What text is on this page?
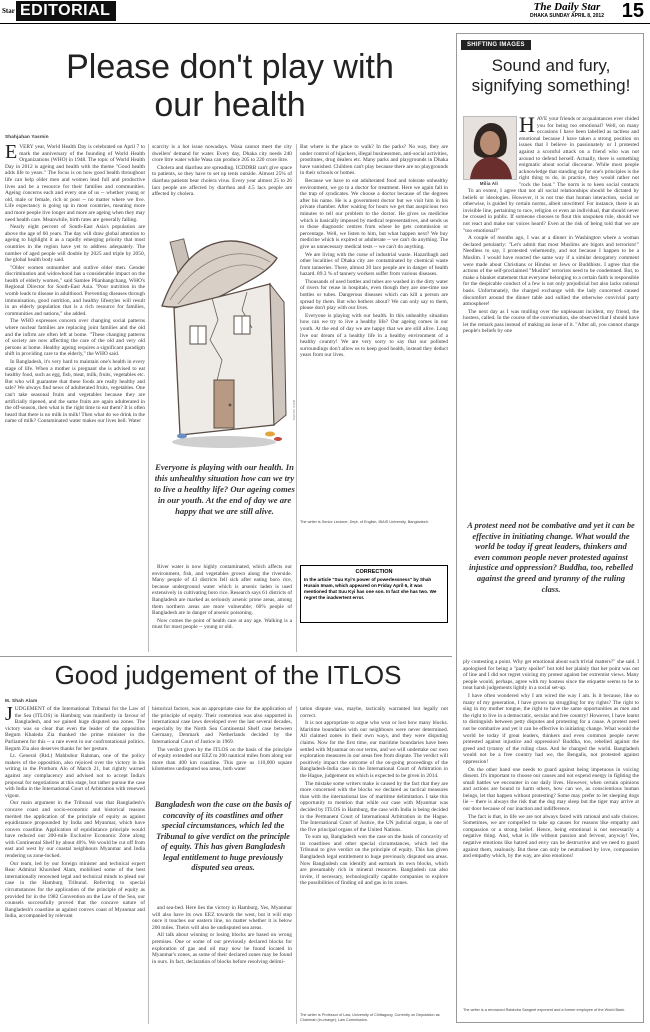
Star EDITORIAL	The Daily Star
DHAKA SUNDAY APRIL 8, 2012 15
Please don't play with our health
Shahjahan Yasmin

EVERY year, World Health Day is celebrated on April 7 to mark the anniversary of the founding of World Health Organizations (WHO) in 1948. The topic of World Health Day in 2012 is ageing and health with the theme "Good health adds life to years." The focus is on how good health throughout life can help older men and women lead full and productive lives and be a resource for their families and communities. Ageing concerns each and every one of us -- whether young or old, male or female, rich or poor -- no matter where we live. Life expectancy is going up in most countries, meaning more and more people live longer and more are ageing when they may need health care. Meanwhile, birth rates are generally falling.

Nearly eight percent of South-East Asia's population are above the age of 60 years. The day will draw global attention to ageing to highlight it as a rapidly emerging priority that most countries in the region have yet to address adequately. The number of aged people will double by 2025 and triple by 2050, the global health body said.

"Older women outnumber and outlive older men. Gender discrimination and widowhood has a considerable impact on the health of elderly women," said Samlee Plianbangchang, WHO's Regional Director for South-East Asia. "Poor nutrition in the womb leads to disease in adulthood. Preventing diseases through immunisation, good nutrition, and healthy lifestyles will result in an elderly population that is a rich resource for families, communities and nations," she added.

The WHO expresses concern over changing social patterns where nuclear families are replacing joint families and the old and the infirm are often left at home. "These changing patterns of society are now affecting the care of the old and very old persons at home. Healthy ageing requires a significant paradigm shift in providing care to the elderly," the WHO said.

In Bangladesh, it's very hard to maintain one's health in every stage of life. When a mother is pregnant she is advised to eat healthy food, such as egg, fish, meat, milk, fruits, vegetables etc. But who will guarantee that these foods are really healthy and safe? We always find news of adulterated fruits, vegetables. One can't take seasonal fruits and vegetables because they are artificially ripened, and the same fruits are again adulterated in the off-season, then what is the right time to eat them? It is often heard that there is no milk in milk! Then what do we drink in the name of milk? Contaminated water makes our lives hell. Water

scarcity is a hot issue nowadays. Wasa cannot meet the city dwellers' demand for water. Every day, Dhaka city needs 240 crore litre water while Wasa can produce 205 to 220 crore litre.

Cholera and diarrhea are spreading. ICDDRB can't give space to patients, so they have to set up tents outside. Almost 25% of diarrhea patients bear cholera virus. Every year almost 25 to 26 lacs people are affected by diarrhea and 4.5 lacs people are affected by cholera.

PHOTO: STAR
Everyone is playing with our health. In this unhealthy situation how can we try to live a healthy life? Our ageing comes in our youth. At the end of day we are happy that we are still alive.

River water is now highly contaminated, which affects our environment, fish, and vegetables grown along the riverside. Many people of 43 districts fell sick after eating boro rice, because underground water which is arsenic laden is used extensively in cultivating boro rice. Research says 61 districts of Bangladesh are marked as seriously arsenic prone areas, among them northern areas are more vulnerable; 60% people of Bangladesh are in danger of arsenic poisoning.

Now comes the point of health care at any age. Walking is a must for most people -- young or old.

But where is the place to walk? In the parks? No way, they are under control of hijackers, illegal businessmen, anti-social activities, prostitutes, drug dealers etc. Many parks and playgrounds in Dhaka have vanished. Children can't play because there are no playgrounds in their schools or homes.

Because we have to eat adulterated food and tolerate unhealthy environment, we go to a doctor for treatment. Here we again fall in the trap of syndicates. We choose a doctor because of the degrees after his name. He is a government doctor but we visit him in his private chamber. After waiting for hours we get that auspicious two minutes to tell our problem to the doctor. He gives us medicine which is basically imposed by medical representatives, and sends us to those diagnostic centres from where he gets commission or percentage. Well, we listen to him, but what happen next? We buy medicine which is expired or adulterate -- we can't do anything. The give us unnecessary medical tests -- we can't do anything.

We are living with the curse of industrial waste. Hazaribagh and other localities of Dhaka city are contaminated by chemical waste from tanneries. There, almost 20 lacs people are in danger of health hazard. 89.3 % of tannery workers suffer from various diseases.

Thousands of used bottles and tubes are washed in the dirty water of rivers for reuse in hospitals, even though they are one-time use bottles or tubes. Dangerous diseases which can kill a person are spread by them. But who bothers about? We can only say to them, please don't play with our lives.

Everyone is playing with our health. In this unhealthy situation how can we try to live a healthy life? Our ageing comes in our youth. At the end of day we are happy that we are still alive. Long live our dream of a healthy life in a healthy environment of a healthy country! We are very sorry to say that our polluted surroundings don't allow us to keep good health, instead they deduct years from our lives.

The writer is Senior Lecturer, Dept. of English, IBAIS University, Bangladesh.
CORRECTION
In the article "Suu Kyi's power of powerlessness" by Shah Husain Imam, which appeared on Friday April 6, it was mentioned that Suu Kyi has one son. In fact she has two. We regret the inadvertent error.
Good judgement of the ITLOS
M. Shah Alam

JUDGEMENT of the International Tribunal for the Law of the Sea (ITLOS) in Hamburg was manifestly in favour of Bangladesh, and we gained huge disputed sea zones. The victory was so clear that even the leader of the opposition Begum Khaleda Zia thanked the prime minister in the Parliament for this -- a rare event in our confrontational politics. Begum Zia also deserves thanks for her gesture.

Lt. General (Rtd.) Mahbubur Rahman, one of the policy makers of the opposition, also rejoiced over the victory in his writing in the Prothom Alo of March 21, but rightly warned against any complacency and advised not to accept India's proposal for negotiations at this stage, but rather pursue the case with India in the International Court of Arbitration with renewed vigour.

Our main argument in the Tribunal was that Bangladesh's concave coast and socio-economic and historical reasons merited the application of the principle of equity as against equidistance propounded by India and Myanmar, which have convex coastline. Application of equidistance principle would have reduced our 200-mile Exclusive Economic Zone along with Continental Shelf by about 40%. We would be cut off from east and west by our coastal neighbours Myanmar and India rendering us zone-locked.

Our team, led by our foreign minister and technical expert Rear Admiral Khurshed Alam, mobilised some of the best internationally renowned legal and technical minds to plead our case in the Hamburg Tribunal. Referring to special circumstances for the application of the principle of equity as provided for in the 1982 Convention on the Law of the Sea, our counsels successfully proved that the concave nature of Bangladesh's coastline as against convex coast of Myanmar and India, accompanied by relevant

historical factors, was an appropriate case for the application of the principle of equity. Their contention was also supported in international case laws developed over the last several decades, especially by the North Sea Continental Shelf case between Germany, Denmark and Netherlands decided by the International Court of Justice in 1969.

The verdict given by the ITLOS on the basis of the principle of equity extended our EEZ to 200 nautical miles from along our more than 400 km coastline. This gave us 110,000 square kilometres undisputed sea areas, both water

Bangladesh won the case on the basis of concavity of its coastlines and other special circumstances, which led the Tribunal to give verdict on the principle of equity. This has given Bangladesh legal entitlement to huge previously disputed sea areas.

and sea-bed. Here lies the victory in Hamburg. Yes, Myanmar will also have its own EEZ towards the west, but it will stop once it touches our eastern line, no matter whether it is below 200 miles. Theirs will also be undisputed sea areas.

All talk about winning or losing blocks are based on wrong premises. One or some of our previously declared blocks for exploration of gas and oil may now be found located in Myanmar's zones, as some of their declared zones may be found in ours. In fact, declaration of blocks before resolving delimi-

tation dispute was, maybe, tactically warranted but legally not correct.

It is not appropriate to argue who won or lost how many blocks. Maritime boundaries with our neighbours were never determined. All claimed zones in their own ways, and they were disputing claims. Now for the first time, our maritime boundaries have been settled with Myanmar on our terms, and we will undertake our own exploration measures in our areas free from dispute. The verdict will positively impact the outcome of the on-going proceedings of the Bangladesh-India case in the International Court of Arbitration in the Hague, judgement on which is expected to be given in 2014.

The mistake some writers make is caused by the fact that they are more concerned with the blocks we declared as tactical measures than with the international law of maritime delimitation. I take this opportunity to mention that while our case with Myanmar was decided by ITLOS in Hamburg, the case with India is being decided in the Permanent Court of International Arbitration in the Hague. The International Court of Justice, the UN judicial organ, is one of the five principal organs of the United Nations.

To sum up, Bangladesh won the case on the basis of concavity of its coastlines and other special circumstances, which led the Tribunal to give verdict on the principle of equity. This has given Bangladesh legal entitlement to huge previously disputed sea areas. Now Bangladesh can identify and earmark its own blocks, which are presumably rich in mineral resources. Bangladesh can also invite, if necessary, technologically capable companies to explore the possibilities of finding oil and gas in its zones.

The writer is Professor of Law, University of Chittagong. Currently on Deputation as Chairman (in-charge), Law Commission.
SHIFTING IMAGES
Sound and fury, signifying something!
Milia Ali

HAVE your friends or acquaintances ever chided you for being too emotional? Well, on many occasions I have been labelled as tactless and emotional because I have taken a strong position on issues that I believe in passionately or I protested against a scornful attack on a friend who was not around to defend herself. Actually, there is something enigmatic about social discourse. While most people acknowledge that standing up for one's principles is the right thing to do, in practice, they would rather not "rock the boat." The norm is to keep social contacts

To an extent, I agree that not all social relationships should be dictated by beliefs or ideologies. However, it is not true that human interaction, social or otherwise, is guided by certain norms, albeit unwritten! For instance, there is an invisible line, pertaining to race, religion or even an individual, that should never be crossed in public. If someone chooses to flout this unspoken rule, should we not react and make our voices heard? Even at the risk of being told that we are "too emotional?"

A couple of months ago, I was at a dinner in Washington where a woman declared petulantly: "Let's admit that most Muslims are bigots and terrorists!" Needless to say, I protested vehemently, and not because I happen to be a Muslim. I would have reacted the same way if a similar derogatory comment were made about Christians or Hindus or Jews or Buddhists. I agree that the actions of the self-proclaimed "Muslim" terrorists need to be condemned. But, to make a blanket statement that everyone belonging to a certain faith is responsible for the despicable conduct of a few is not only prejudicial but also lacks rational basis. Unfortunately, the charged exchange with the lady concerned caused discomfort around the dinner table and sullied the otherwise convivial party atmosphere!

The next day as I was mulling over the unpleasant incident, my friend, the hostess, called. In the course of the conversation, she observed that I should have let the remark pass instead of making an issue of it. "After all, you cannot change people's beliefs by one

A protest need not be combative and yet it can be effective in initiating change. What would the world be today if great leaders, thinkers and even common people never protested against injustice and oppression? Buddha, too, rebelled against the greed and tyranny of the ruling class.

ply contesting a point. Why get emotional about such trivial matters?" she said. I apologised for being a "party spoiler" but told her plainly that her point was out of line and I did not regret voicing my protest against her extremist views. Many people would, perhaps, agree with my hostess since the etiquette seems to be to treat harsh judgements lightly in a social set-up.

I have often wondered why I am wired the way I am. Is it because, like so many of my generation, I have grown up struggling for my rights? The right to sing in my mother tongue, the right to have the same opportunities as men and the right to live in a democratic, secular and free country! However, I have learnt to distinguish between petty disputes and protesting for a cause. A protest need not be combative and yet it can be effective in initiating change. What would the world be today if great leaders, thinkers and even common people never protested against injustice and oppression? Buddha, too, rebelled against the greed and tyranny of the ruling class. And he changed the world. Bangladesh would not be a free country had we, the Bengalis, not protested against oppression!

On the other hand one needs to guard against being impetuous in voicing dissent. It's important to choose our causes and not expend energy in fighting the small battles we encounter in our daily lives. However, when certain opinions and actions are bound to harm others, how can we, as conscientious human beings, let that happen without protesting? Some may prefer to let sleeping dogs lie -- there is always the risk that the dog may sleep but the tiger may arrive at our door because of our inaction and indifference.

The fact is that, in life we are not always faced with rational and safe choices. Sometimes, we are compelled to take up causes for reasons like empathy and compassion or a strong belief. Hence, being emotional is not necessarily a negative thing. And, what is life without passion and fervour, anyway! Yes, negative emotions like hatred and envy can be destructive and we need to guard against them, zealously. But these can only be neutralised by love, compassion and empathy which, by the way, are also emotions!

The writer is a renowned Rabindra Sangeet exponent and a former employee of the World Bank.
